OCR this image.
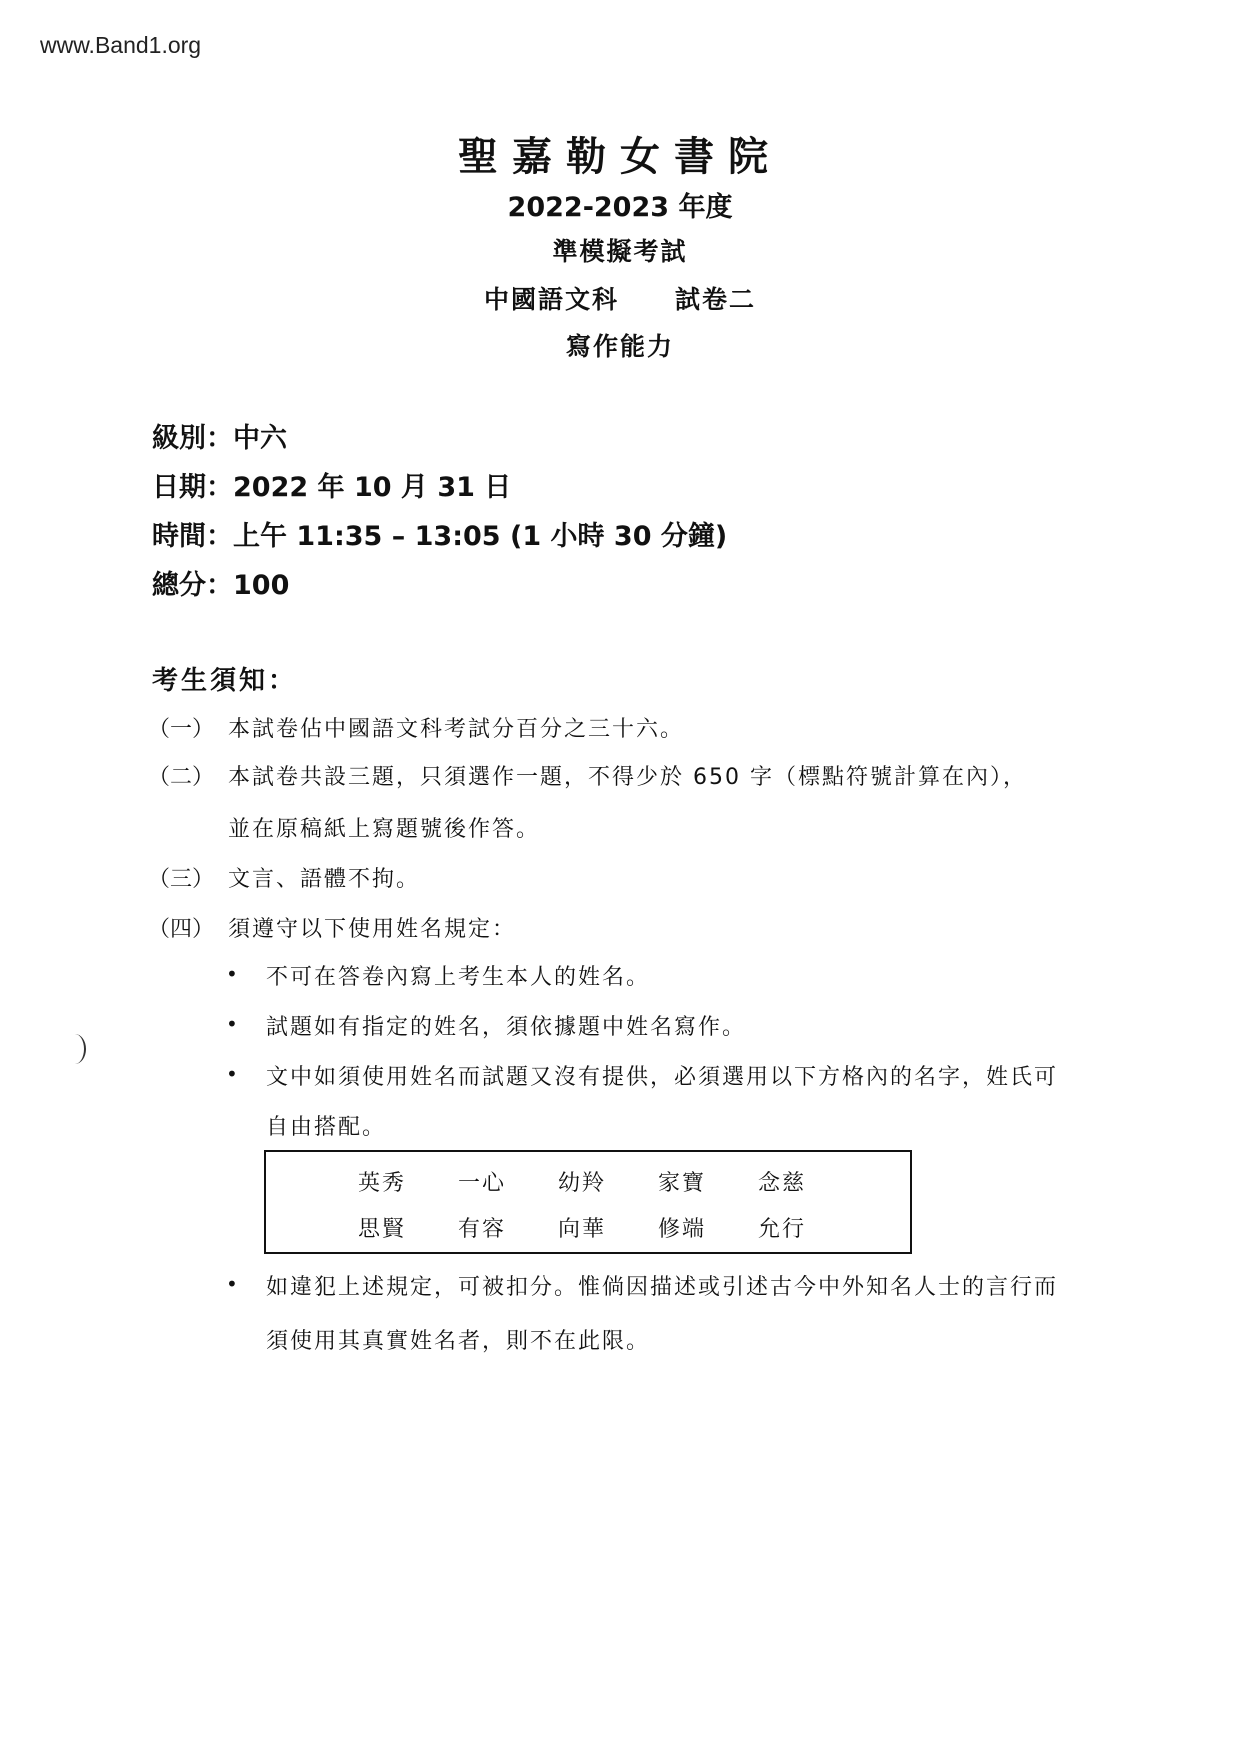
www.Band1.org
聖嘉勒女書院
2022-2023 年度
準模擬考試
中國語文科 試卷二
寫作能力
級別：中六
日期：2022 年 10 月 31 日
時間：上午 11:35 – 13:05 (1 小時 30 分鐘)
總分：100
考生須知：
（一） 本試卷佔中國語文科考試分百分之三十六。
（二） 本試卷共設三題，只須選作一題，不得少於 650 字（標點符號計算在內），
並在原稿紙上寫題號後作答。
（三） 文言、語體不拘。
（四） 須遵守以下使用姓名規定：
• 不可在答卷內寫上考生本人的姓名。
• 試題如有指定的姓名，須依據題中姓名寫作。
• 文中如須使用姓名而試題又沒有提供，必須選用以下方格內的名字，姓氏可
自由搭配。
英秀 一心 幼羚 家寶 念慈
思賢 有容 向華 修端 允行
• 如違犯上述規定，可被扣分。惟倘因描述或引述古今中外知名人士的言行而
須使用其真實姓名者，則不在此限。
